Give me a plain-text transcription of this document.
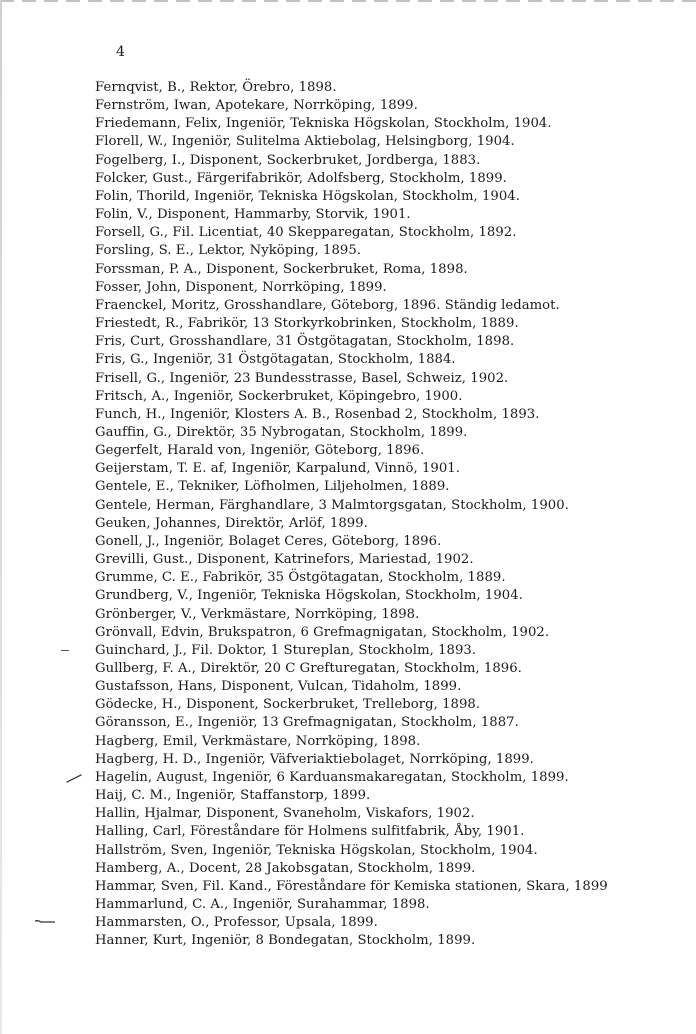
4
Fernqvist, B., Rektor, Örebro, 1898.
Fernström, Iwan, Apotekare, Norrköping, 1899.
Friedemann, Felix, Ingeniör, Tekniska Högskolan, Stockholm, 1904.
Florell, W., Ingeniör, Sulitelma Aktiebolag, Helsingborg, 1904.
Fogelberg, I., Disponent, Sockerbruket, Jordberga, 1883.
Folcker, Gust., Färgerifabrikör, Adolfsberg, Stockholm, 1899.
Folin, Thorild, Ingeniör, Tekniska Högskolan, Stockholm, 1904.
Folin, V., Disponent, Hammarby, Storvik, 1901.
Forsell, G., Fil. Licentiat, 40 Skepparegatan, Stockholm, 1892.
Forsling, S. E., Lektor, Nyköping, 1895.
Forssman, P. A., Disponent, Sockerbruket, Roma, 1898.
Fosser, John, Disponent, Norrköping, 1899.
Fraenckel, Moritz, Grosshandlare, Göteborg, 1896. Ständig ledamot.
Friestedt, R., Fabrikör, 13 Storkyrkobrinken, Stockholm, 1889.
Fris, Curt, Grosshandlare, 31 Östgötagatan, Stockholm, 1898.
Fris, G., Ingeniör, 31 Östgötagatan, Stockholm, 1884.
Frisell, G., Ingeniör, 23 Bundesstrasse, Basel, Schweiz, 1902.
Fritsch, A., Ingeniör, Sockerbruket, Köpingebro, 1900.
Funch, H., Ingeniör, Klosters A. B., Rosenbad 2, Stockholm, 1893.
Gauffin, G., Direktör, 35 Nybrogatan, Stockholm, 1899.
Gegerfelt, Harald von, Ingeniör, Göteborg, 1896.
Geijerstam, T. E. af, Ingeniör, Karpalund, Vinnö, 1901.
Gentele, E., Tekniker, Löfholmen, Liljeholmen, 1889.
Gentele, Herman, Färghandlare, 3 Malmtorgsgatan, Stockholm, 1900.
Geuken, Johannes, Direktör, Arlöf, 1899.
Gonell, J., Ingeniör, Bolaget Ceres, Göteborg, 1896.
Grevilli, Gust., Disponent, Katrinefors, Mariestad, 1902.
Grumme, C. E., Fabrikör, 35 Östgötagatan, Stockholm, 1889.
Grundberg, V., Ingeniör, Tekniska Högskolan, Stockholm, 1904.
Grönberger, V., Verkmästare, Norrköping, 1898.
Grönvall, Edvin, Brukspatron, 6 Grefmagnigatan, Stockholm, 1902.
Guinchard, J., Fil. Doktor, 1 Stureplan, Stockholm, 1893.
Gullberg, F. A., Direktör, 20 C Grefturegatan, Stockholm, 1896.
Gustafsson, Hans, Disponent, Vulcan, Tidaholm, 1899.
Gödecke, H., Disponent, Sockerbruket, Trelleborg, 1898.
Göransson, E., Ingeniör, 13 Grefmagnigatan, Stockholm, 1887.
Hagberg, Emil, Verkmästare, Norrköping, 1898.
Hagberg, H. D., Ingeniör, Väfveriaktiebolaget, Norrköping, 1899.
Hagelin, August, Ingeniör, 6 Karduansmakaregatan, Stockholm, 1899.
Haij, C. M., Ingeniör, Staffanstorp, 1899.
Hallin, Hjalmar, Disponent, Svaneholm, Viskafors, 1902.
Halling, Carl, Föreståndare för Holmens sulfitfabrik, Åby, 1901.
Hallström, Sven, Ingeniör, Tekniska Högskolan, Stockholm, 1904.
Hamberg, A., Docent, 28 Jakobsgatan, Stockholm, 1899.
Hammar, Sven, Fil. Kand., Föreståndare för Kemiska stationen, Skara, 1899
Hammarlund, C. A., Ingeniör, Surahammar, 1898.
Hammarsten, O., Professor, Upsala, 1899.
Hanner, Kurt, Ingeniör, 8 Bondegatan, Stockholm, 1899.
